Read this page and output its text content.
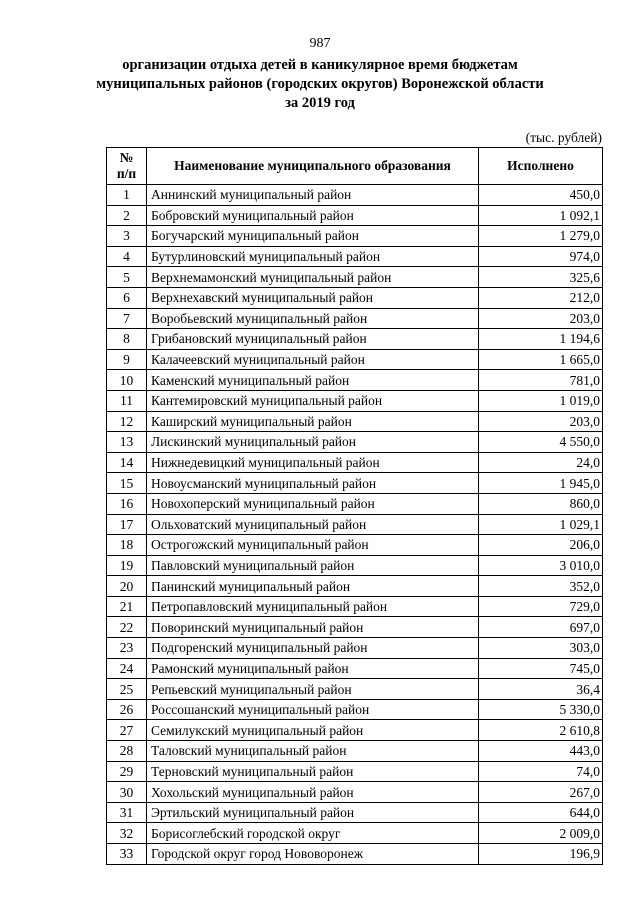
987
организации отдыха детей в каникулярное время бюджетам
муниципальных районов (городских округов) Воронежской области
за 2019 год
(тыс. рублей)
№
п/п	Наименование муниципального образования	Исполнено
1	Аннинский муниципальный район	450,0
2	Бобровский муниципальный район	1 092,1
3	Богучарский муниципальный район	1 279,0
4	Бутурлиновский муниципальный район	974,0
5	Верхнемамонский муниципальный район	325,6
6	Верхнехавский муниципальный район	212,0
7	Воробьевский муниципальный район	203,0
8	Грибановский муниципальный район	1 194,6
9	Калачеевский муниципальный район	1 665,0
10	Каменский муниципальный район	781,0
11	Кантемировский муниципальный район	1 019,0
12	Каширский муниципальный район	203,0
13	Лискинский муниципальный район	4 550,0
14	Нижнедевицкий муниципальный район	24,0
15	Новоусманский муниципальный район	1 945,0
16	Новохоперский муниципальный район	860,0
17	Ольховатский муниципальный район	1 029,1
18	Острогожский муниципальный район	206,0
19	Павловский муниципальный район	3 010,0
20	Панинский муниципальный район	352,0
21	Петропавловский муниципальный район	729,0
22	Поворинский муниципальный район	697,0
23	Подгоренский муниципальный район	303,0
24	Рамонский муниципальный район	745,0
25	Репьевский муниципальный район	36,4
26	Россошанский муниципальный район	5 330,0
27	Семилукский муниципальный район	2 610,8
28	Таловский муниципальный район	443,0
29	Терновский муниципальный район	74,0
30	Хохольский муниципальный район	267,0
31	Эртильский муниципальный район	644,0
32	Борисоглебский городской округ	2 009,0
33	Городской округ город Нововоронеж	196,9
